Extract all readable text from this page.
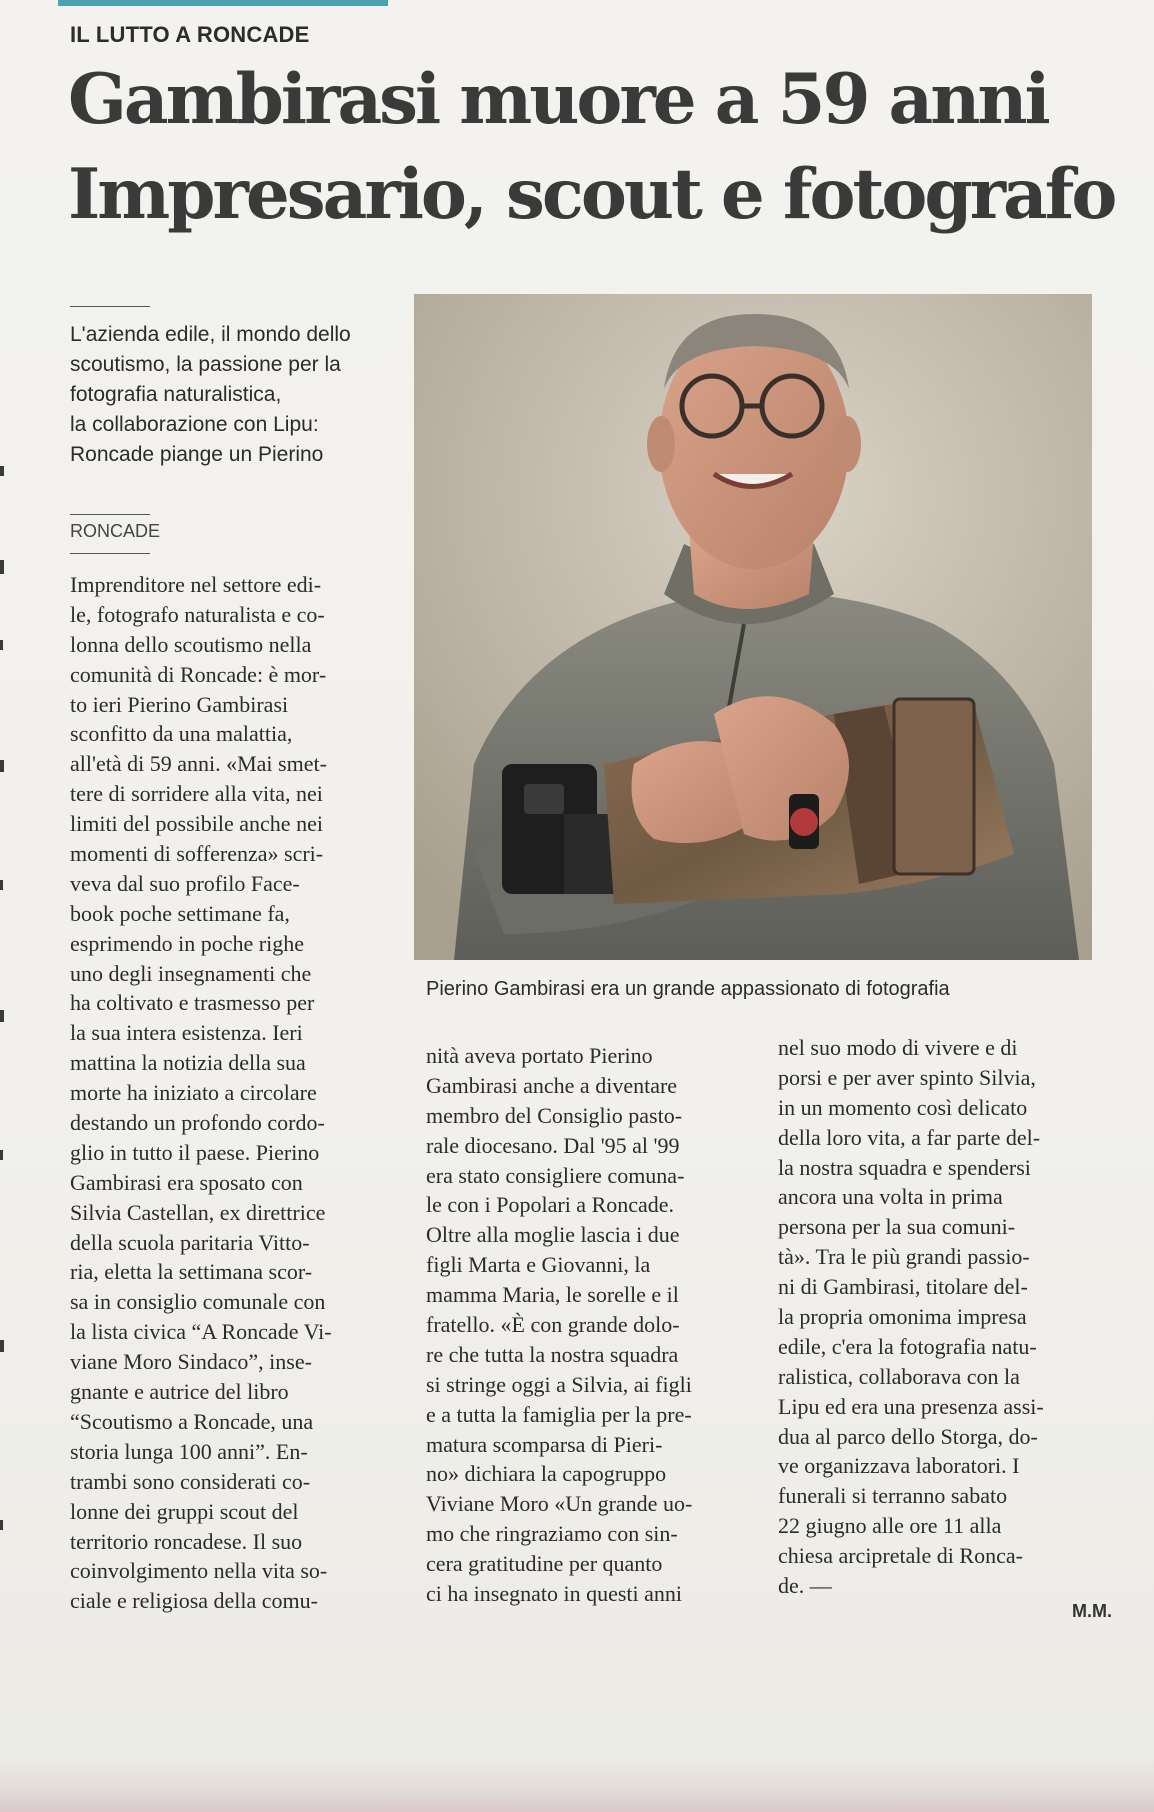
IL LUTTO A RONCADE
Gambirasi muore a 59 anni
Impresario, scout e fotografo
L'azienda edile, il mondo dello
scoutismo, la passione per la
fotografia naturalistica,
la collaborazione con Lipu:
Roncade piange un Pierino
RONCADE
Imprenditore nel settore edi-
le, fotografo naturalista e co-
lonna dello scoutismo nella
comunità di Roncade: è mor-
to ieri Pierino Gambirasi
sconfitto da una malattia,
all'età di 59 anni. «Mai smet-
tere di sorridere alla vita, nei
limiti del possibile anche nei
momenti di sofferenza» scri-
veva dal suo profilo Face-
book poche settimane fa,
esprimendo in poche righe
uno degli insegnamenti che
ha coltivato e trasmesso per
la sua intera esistenza. Ieri
mattina la notizia della sua
morte ha iniziato a circolare
destando un profondo cordo-
glio in tutto il paese. Pierino
Gambirasi era sposato con
Silvia Castellan, ex direttrice
della scuola paritaria Vitto-
ria, eletta la settimana scor-
sa in consiglio comunale con
la lista civica “A Roncade Vi-
viane Moro Sindaco”, inse-
gnante e autrice del libro
“Scoutismo a Roncade, una
storia lunga 100 anni”. En-
trambi sono considerati co-
lonne dei gruppi scout del
territorio roncadese. Il suo
coinvolgimento nella vita so-
ciale e religiosa della comu-
nità aveva portato Pierino
Gambirasi anche a diventare
membro del Consiglio pasto-
rale diocesano. Dal '95 al '99
era stato consigliere comuna-
le con i Popolari a Roncade.
Oltre alla moglie lascia i due
figli Marta e Giovanni, la
mamma Maria, le sorelle e il
fratello. «È con grande dolo-
re che tutta la nostra squadra
si stringe oggi a Silvia, ai figli
e a tutta la famiglia per la pre-
matura scomparsa di Pieri-
no» dichiara la capogruppo
Viviane Moro «Un grande uo-
mo che ringraziamo con sin-
cera gratitudine per quanto
ci ha insegnato in questi anni
nel suo modo di vivere e di
porsi e per aver spinto Silvia,
in un momento così delicato
della loro vita, a far parte del-
la nostra squadra e spendersi
ancora una volta in prima
persona per la sua comuni-
tà». Tra le più grandi passio-
ni di Gambirasi, titolare del-
la propria omonima impresa
edile, c'era la fotografia natu-
ralistica, collaborava con la
Lipu ed era una presenza assi-
dua al parco dello Storga, do-
ve organizzava laboratori. I
funerali si terranno sabato
22 giugno alle ore 11 alla
chiesa arcipretale di Ronca-
de. —
Pierino Gambirasi era un grande appassionato di fotografia
M.M.
